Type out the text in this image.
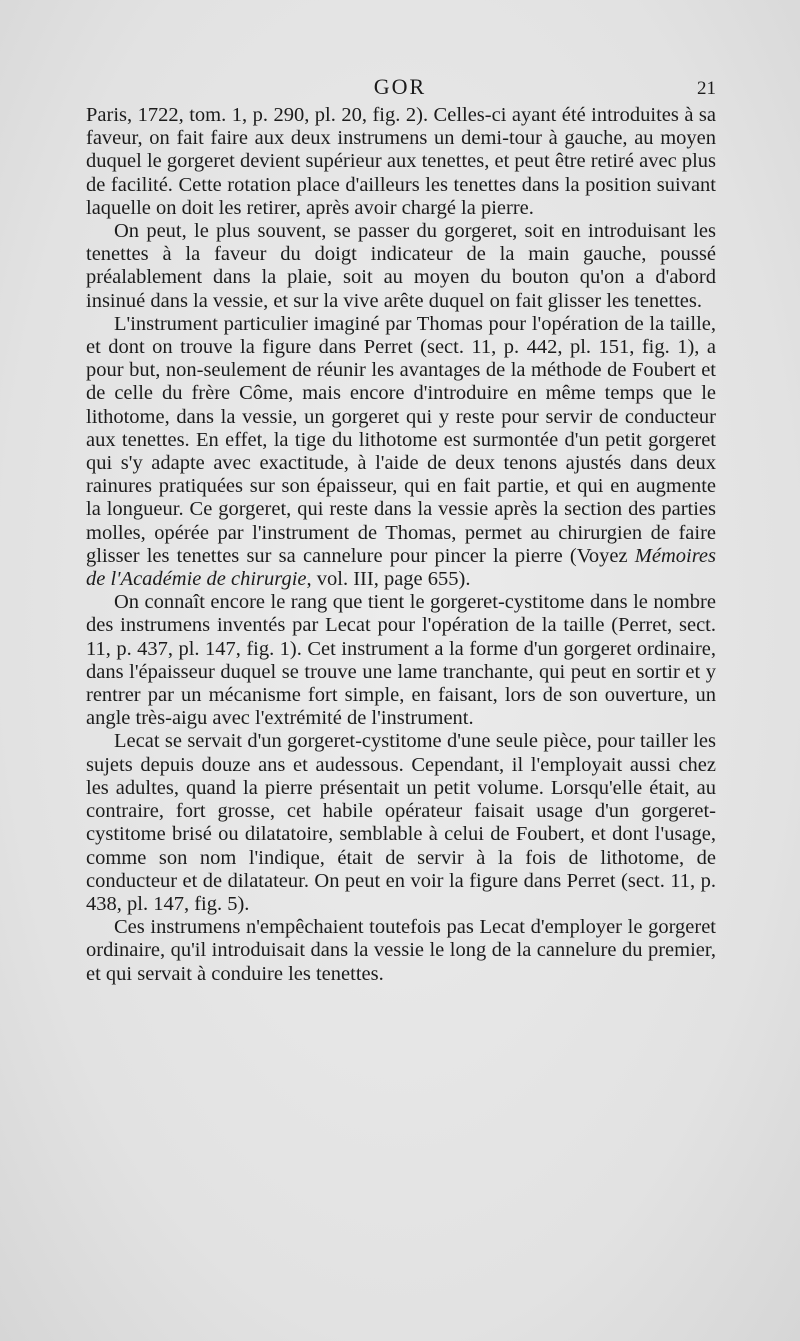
GOR	21

Paris, 1722, tom. 1, p. 290, pl. 20, fig. 2). Celles-ci ayant été introduites à sa faveur, on fait faire aux deux instrumens un demi-tour à gauche, au moyen duquel le gorgeret devient supérieur aux tenettes, et peut être retiré avec plus de facilité. Cette rotation place d'ailleurs les tenettes dans la position suivant laquelle on doit les retirer, après avoir chargé la pierre.

On peut, le plus souvent, se passer du gorgeret, soit en introduisant les tenettes à la faveur du doigt indicateur de la main gauche, poussé préalablement dans la plaie, soit au moyen du bouton qu'on a d'abord insinué dans la vessie, et sur la vive arête duquel on fait glisser les tenettes.

L'instrument particulier imaginé par Thomas pour l'opération de la taille, et dont on trouve la figure dans Perret (sect. 11, p. 442, pl. 151, fig. 1), a pour but, non-seulement de réunir les avantages de la méthode de Foubert et de celle du frère Côme, mais encore d'introduire en même temps que le lithotome, dans la vessie, un gorgeret qui y reste pour servir de conducteur aux tenettes. En effet, la tige du lithotome est surmontée d'un petit gorgeret qui s'y adapte avec exactitude, à l'aide de deux tenons ajustés dans deux rainures pratiquées sur son épaisseur, qui en fait partie, et qui en augmente la longueur. Ce gorgeret, qui reste dans la vessie après la section des parties molles, opérée par l'instrument de Thomas, permet au chirurgien de faire glisser les tenettes sur sa cannelure pour pincer la pierre (Voyez Mémoires de l'Académie de chirurgie, vol. III, page 655).

On connaît encore le rang que tient le gorgeret-cystitome dans le nombre des instrumens inventés par Lecat pour l'opération de la taille (Perret, sect. 11, p. 437, pl. 147, fig. 1). Cet instrument a la forme d'un gorgeret ordinaire, dans l'épaisseur duquel se trouve une lame tranchante, qui peut en sortir et y rentrer par un mécanisme fort simple, en faisant, lors de son ouverture, un angle très-aigu avec l'extrémité de l'instrument.

Lecat se servait d'un gorgeret-cystitome d'une seule pièce, pour tailler les sujets depuis douze ans et audessous. Cependant, il l'employait aussi chez les adultes, quand la pierre présentait un petit volume. Lorsqu'elle était, au contraire, fort grosse, cet habile opérateur faisait usage d'un gorgeret-cystitome brisé ou dilatatoire, semblable à celui de Foubert, et dont l'usage, comme son nom l'indique, était de servir à la fois de lithotome, de conducteur et de dilatateur. On peut en voir la figure dans Perret (sect. 11, p. 438, pl. 147, fig. 5).

Ces instrumens n'empêchaient toutefois pas Lecat d'employer le gorgeret ordinaire, qu'il introduisait dans la vessie le long de la cannelure du premier, et qui servait à conduire les tenettes.
